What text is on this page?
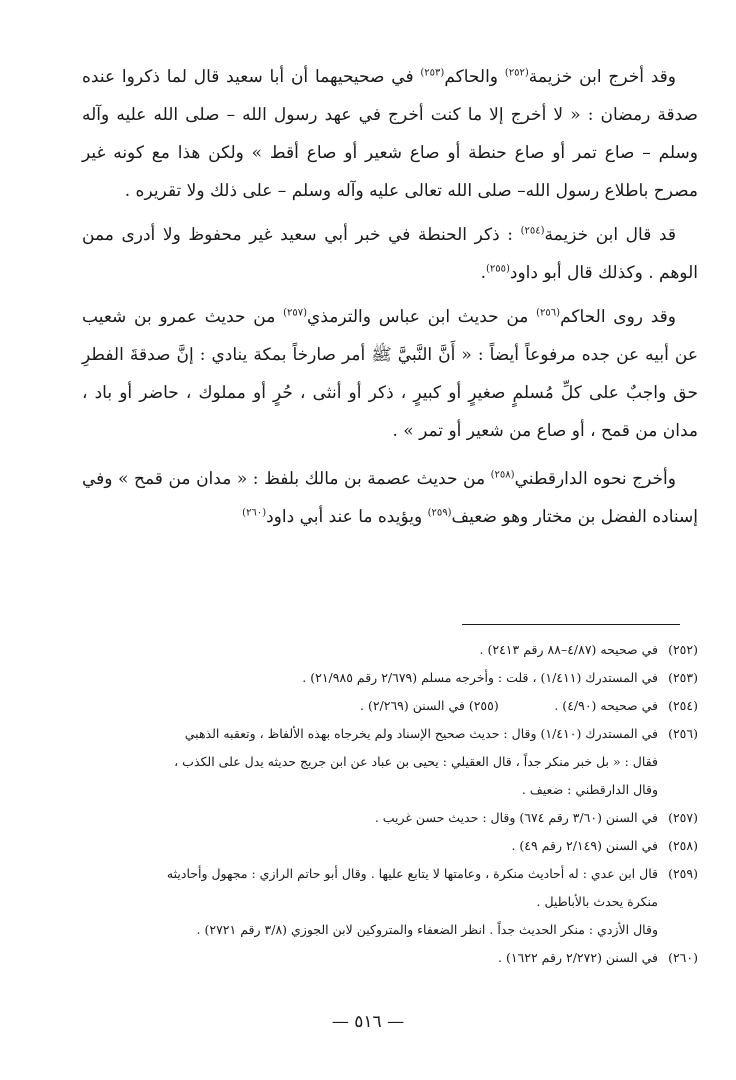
وقد أخرج ابن خزيمة$^{(٢٥٢)}$ والحاكم$^{(٢٥٣)}$ في صحيحيهما أن أبا سعيد قال لما ذكروا عنده صدقة رمضان : « لا أخرج إلا ما كنت أخرج في عهد رسول الله – صلى الله عليه وآله وسلم – صاع تمر أو صاع حنطة أو صاع شعير أو صاع أقط » ولكن هذا مع كونه غير مصرح باطلاع رسول الله– صلى الله تعالى عليه وآله وسلم – على ذلك ولا تقريره .

قد قال ابن خزيمة$^{(٢٥٤)}$ : ذكر الحنطة في خبر أبي سعيد غير محفوظ ولا أدرى ممن الوهم . وكذلك قال أبو داود$^{(٢٥٥)}$.

وقد روى الحاكم$^{(٢٥٦)}$ من حديث ابن عباس والترمذي$^{(٢٥٧)}$ من حديث عمرو بن شعيب عن أبيه عن جده مرفوعاً أيضاً : « أَنَّ النَّبيَّ ﷺ أمر صارخاً بمكة ينادي : إنَّ صدقةَ الفطرِ حق واجبٌ على كلِّ مُسلمٍ صغيرٍ أو كبيرٍ ، ذكر أو أنثى ، حُرٍ أو مملوك ، حاضر أو باد ، مدان من قمح ، أو صاع من شعير أو تمر » .

وأخرج نحوه الدارقطني$^{(٢٥٨)}$ من حديث عصمة بن مالك بلفظ : « مدان من قمح » وفي إسناده الفضل بن مختار وهو ضعيف$^{(٢٥٩)}$ ويؤيده ما عند أبي داود$^{(٢٦٠)}$

(٢٥٢)
في صحيحه (٤/٨٧–٨٨ رقم ٢٤١٣) .
(٢٥٣)
في المستدرك (١/٤١١) ، قلت : وأخرجه مسلم (٢/٦٧٩ رقم ٢١/٩٨٥) .
(٢٥٤)
في صحيحه (٤/٩٠) .              (٢٥٥) في السنن (٢/٢٦٩) .
(٢٥٦)
في المستدرك (١/٤١٠) وقال : حديث صحيح الإسناد ولم يخرجاه بهذه الألفاظ ، وتعقبه الذهبي
فقال : « بل خبر منكر جداً ، قال العقيلي : يحيى بن عباد عن ابن جريج حديثه يدل على الكذب ،
وقال الدارقطني : ضعيف .
(٢٥٧)
في السنن (٣/٦٠ رقم ٦٧٤) وقال : حديث حسن غريب .
(٢٥٨)
في السنن (٢/١٤٩ رقم ٤٩) .
(٢٥٩)
قال ابن عدي : له أحاديث منكرة ، وعامتها لا يتابع عليها . وقال أبو حاتم الرازي : مجهول وأحاديثه
منكرة يحدث بالأباطيل .
وقال الأزدي : منكر الحديث جداً . انظر الضعفاء والمتروكين لابن الجوزي (٣/٨ رقم ٢٧٢١) .
(٢٦٠)
في السنن (٢/٢٧٢ رقم ١٦٢٢) .
— ٥١٦ —
